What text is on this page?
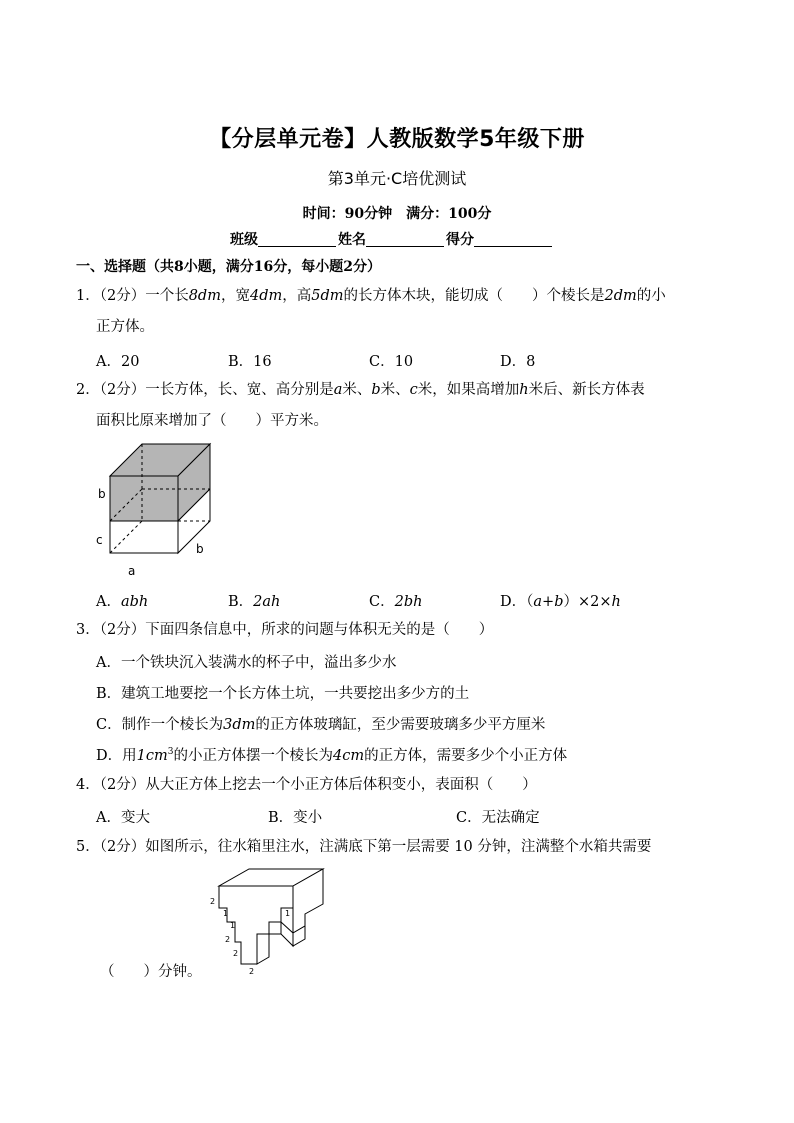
【分层单元卷】人教版数学5年级下册
第3单元·C培优测试
时间：90分钟　满分：100分
班级	姓名	得分
一、选择题（共8小题，满分16分，每小题2分）
1．（2分）一个长8dm，宽4dm，高5dm的长方体木块，能切成（　　）个棱长是2dm的小
正方体。
A．20	B．16	C．10	D．8
2．（2分）一长方体，长、宽、高分别是a米、b米、c米，如果高增加h米后、新长方体表
面积比原来增加了（　　）平方米。
b
c
b
a
A．abh	B．2ah	C．2bh	D．（a+b）×2×h
3．（2分）下面四条信息中，所求的问题与体积无关的是（　　）
A．一个铁块沉入装满水的杯子中，溢出多少水
B．建筑工地要挖一个长方体土坑，一共要挖出多少方的土
C．制作一个棱长为3dm的正方体玻璃缸，至少需要玻璃多少平方厘米
D．用$1cm^3$的小正方体摆一个棱长为4cm的正方体，需要多少个小正方体
4．（2分）从大正方体上挖去一个小正方体后体积变小，表面积（　　）
A．变大	B．变小	C．无法确定
5．（2分）如图所示，往水箱里注水，注满底下第一层需要 10 分钟，注满整个水箱共需要
2
1
1
1
2
2
2
（　　）分钟。
